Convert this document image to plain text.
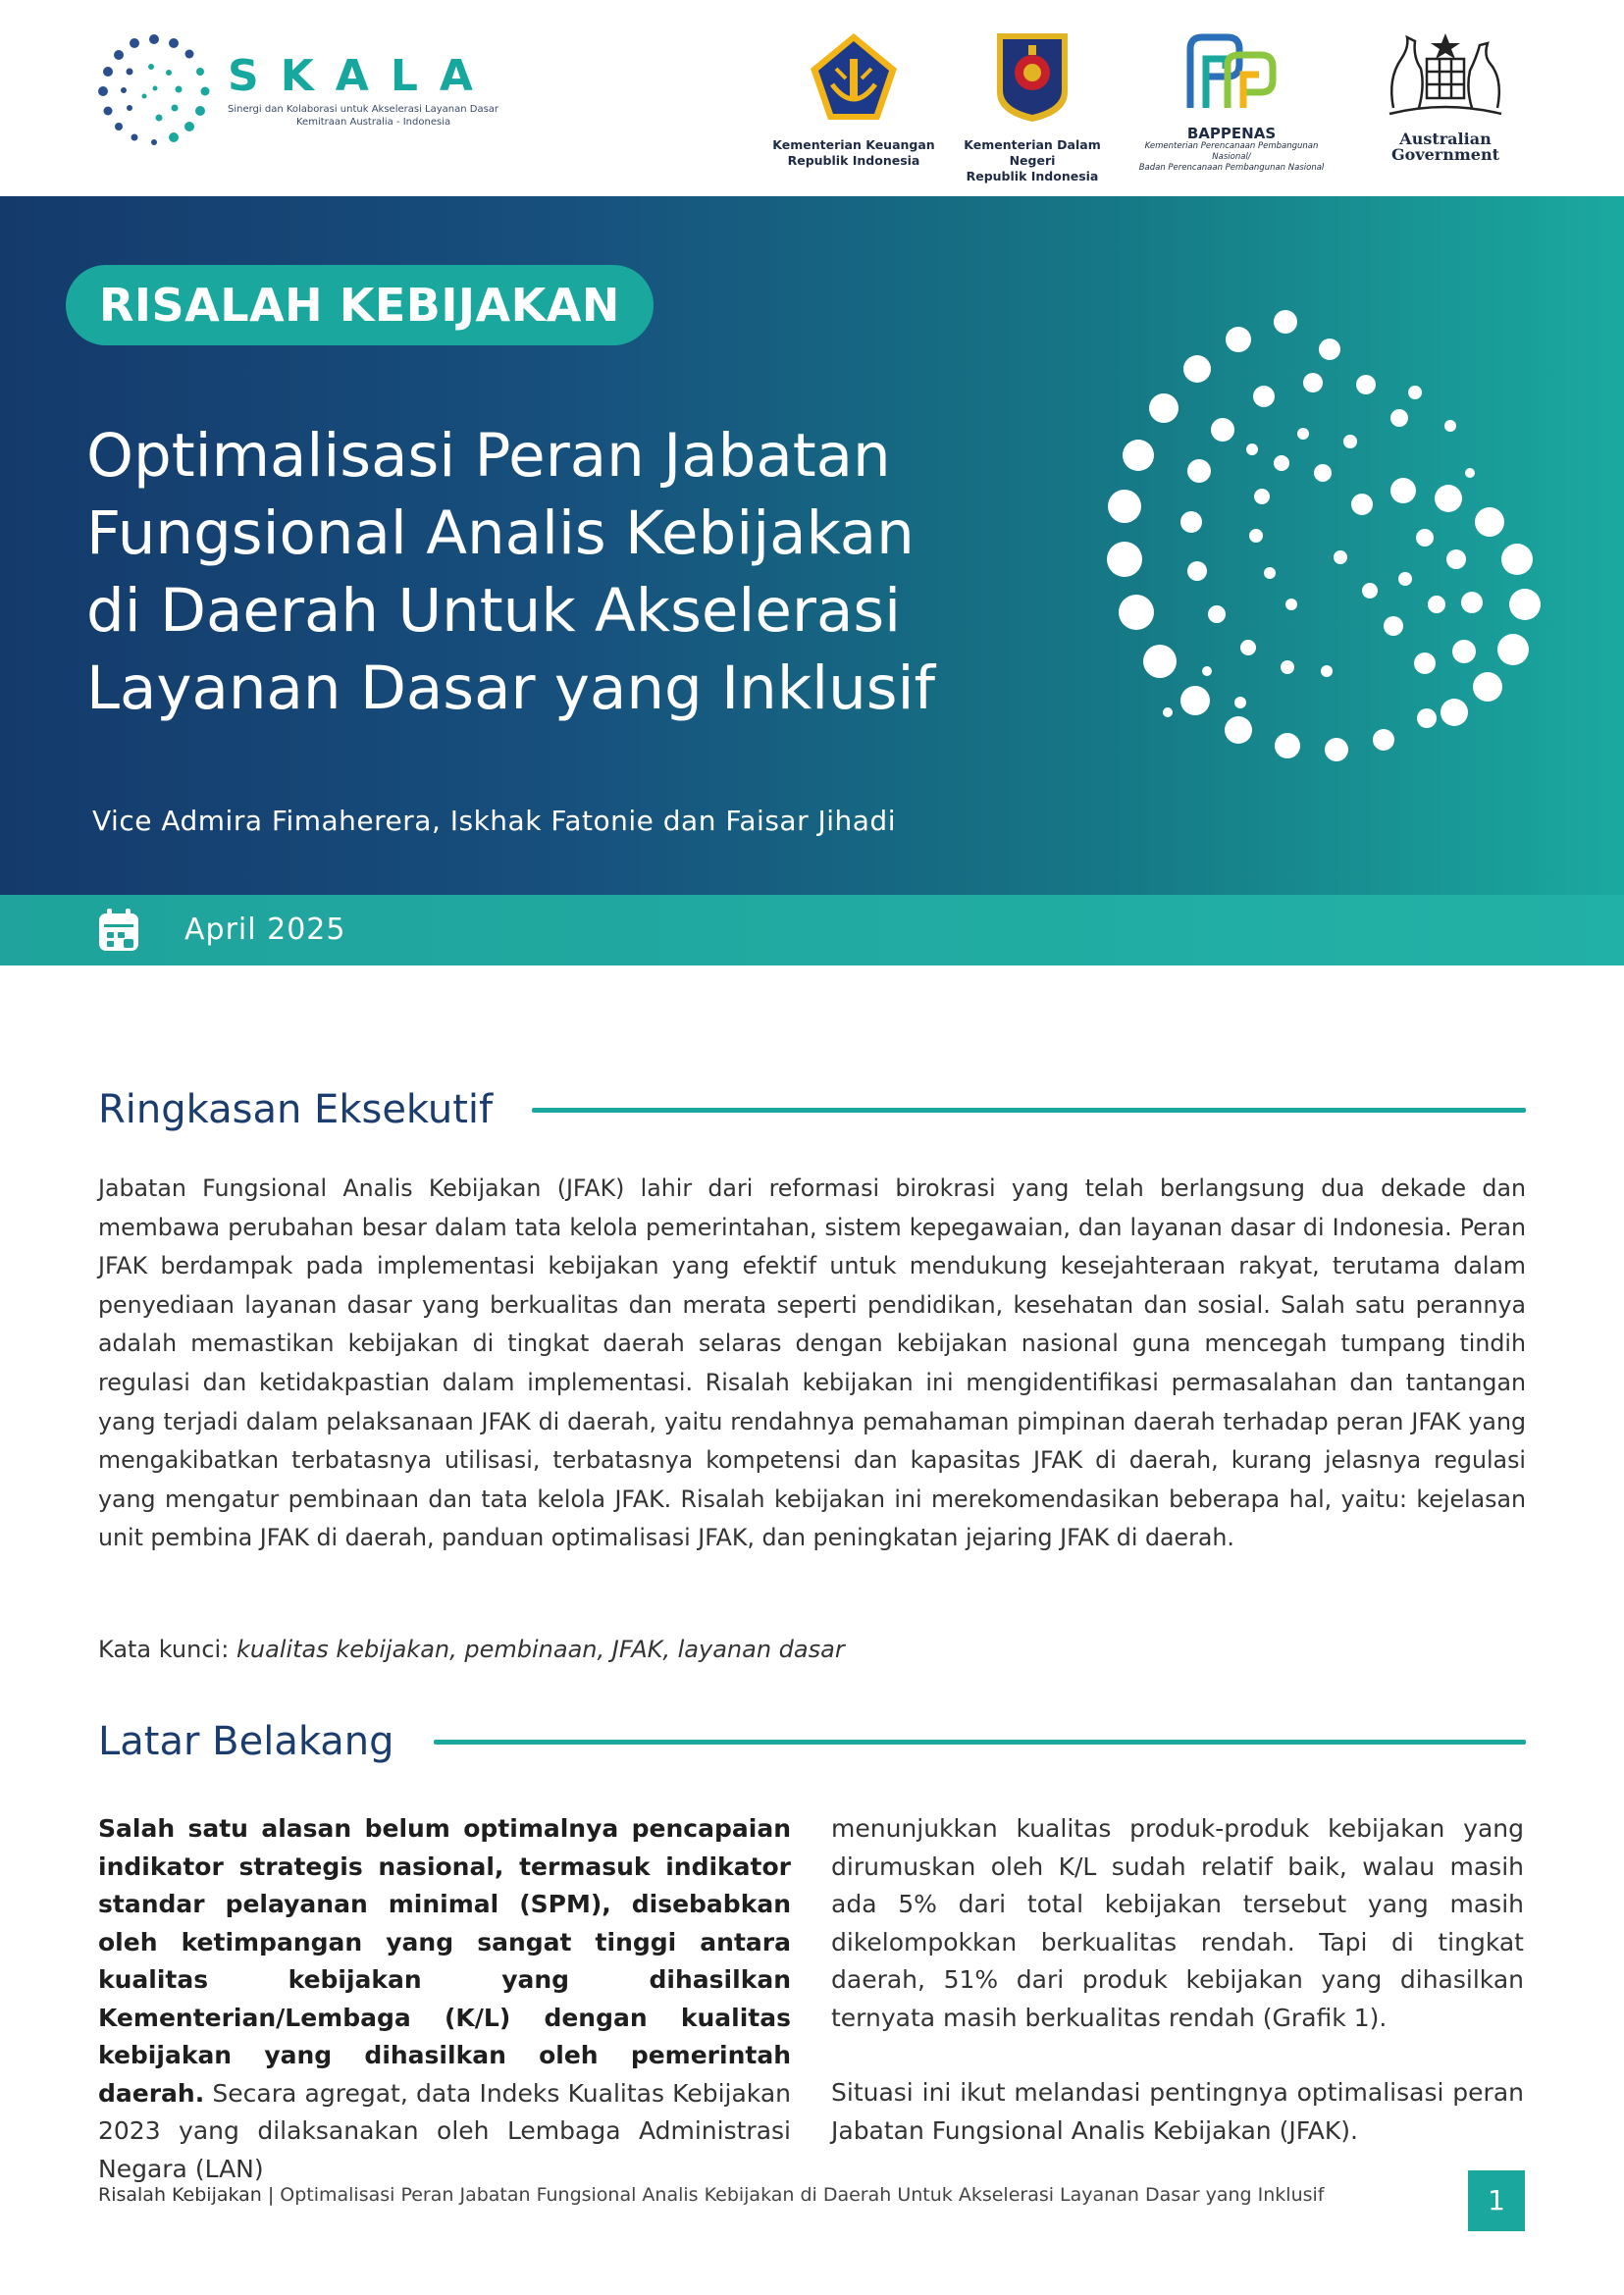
SKALA
Sinergi dan Kolaborasi untuk Akselerasi Layanan Dasar
Kemitraan Australia - Indonesia
Kementerian Keuangan
Republik Indonesia
Kementerian Dalam Negeri
Republik Indonesia
BAPPENAS
Kementerian Perencanaan Pembangunan Nasional/
Badan Perencanaan Pembangunan Nasional
Australian Government
RISALAH KEBIJAKAN
Optimalisasi Peran Jabatan
Fungsional Analis Kebijakan
di Daerah Untuk Akselerasi
Layanan Dasar yang Inklusif
Vice Admira Fimaherera, Iskhak Fatonie dan Faisar Jihadi
April 2025
Ringkasan Eksekutif

Jabatan Fungsional Analis Kebijakan (JFAK) lahir dari reformasi birokrasi yang telah berlangsung dua dekade dan membawa perubahan besar dalam tata kelola pemerintahan, sistem kepegawaian, dan layanan dasar di Indonesia. Peran JFAK berdampak pada implementasi kebijakan yang efektif untuk mendukung kesejahteraan rakyat, terutama dalam penyediaan layanan dasar yang berkualitas dan merata seperti pendidikan, kesehatan dan sosial. Salah satu perannya adalah memastikan kebijakan di tingkat daerah selaras dengan kebijakan nasional guna mencegah tumpang tindih regulasi dan ketidakpastian dalam implementasi. Risalah kebijakan ini mengidentifikasi permasalahan dan tantangan yang terjadi dalam pelaksanaan JFAK di daerah, yaitu rendahnya pemahaman pimpinan daerah terhadap peran JFAK yang mengakibatkan terbatasnya utilisasi, terbatasnya kompetensi dan kapasitas JFAK di daerah, kurang jelasnya regulasi yang mengatur pembinaan dan tata kelola JFAK. Risalah kebijakan ini merekomendasikan beberapa hal, yaitu: kejelasan unit pembina JFAK di daerah, panduan optimalisasi JFAK, dan peningkatan jejaring JFAK di daerah.

Kata kunci: kualitas kebijakan, pembinaan, JFAK, layanan dasar
Latar Belakang
Salah satu alasan belum optimalnya pencapaian indikator strategis nasional, termasuk indikator standar pelayanan minimal (SPM), disebabkan oleh ketimpangan yang sangat tinggi antara kualitas kebijakan yang dihasilkan Kementerian/Lembaga (K/L) dengan kualitas kebijakan yang dihasilkan oleh pemerintah daerah. Secara agregat, data Indeks Kualitas Kebijakan 2023 yang dilaksanakan oleh Lembaga Administrasi Negara (LAN)

menunjukkan kualitas produk-produk kebijakan yang dirumuskan oleh K/L sudah relatif baik, walau masih ada 5% dari total kebijakan tersebut yang masih dikelompokkan berkualitas rendah. Tapi di tingkat daerah, 51% dari produk kebijakan yang dihasilkan ternyata masih berkualitas rendah (Grafik 1).

Situasi ini ikut melandasi pentingnya optimalisasi peran Jabatan Fungsional Analis Kebijakan (JFAK).

Risalah Kebijakan | Optimalisasi Peran Jabatan Fungsional Analis Kebijakan di Daerah Untuk Akselerasi Layanan Dasar yang Inklusif	1
